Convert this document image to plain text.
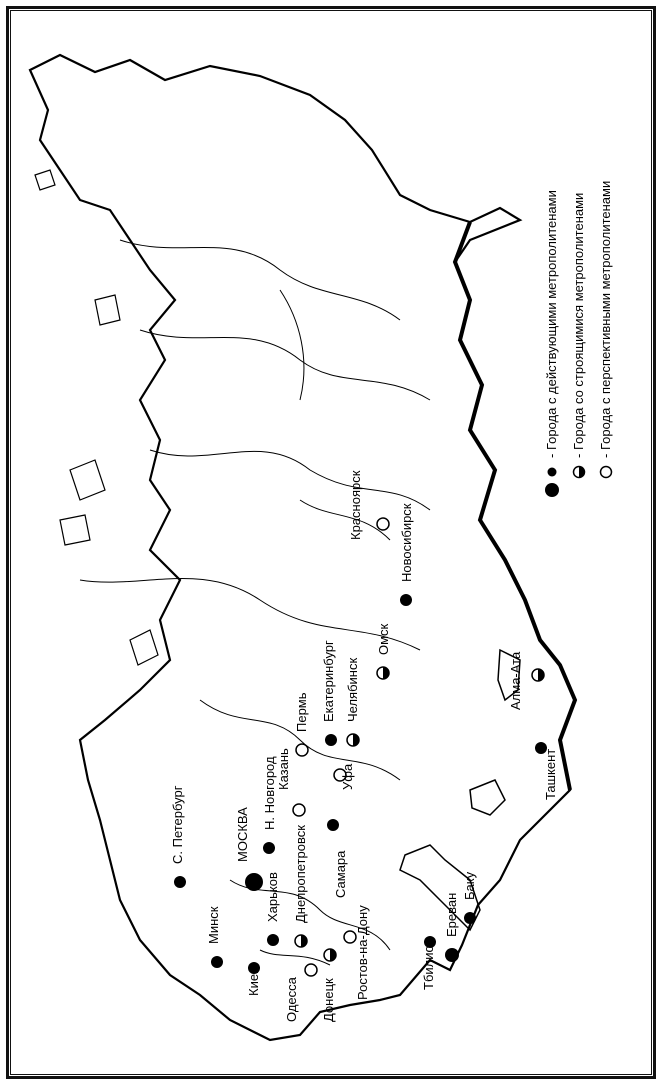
- Города с действующими метрополитенами - Города со строящимися метрополитенами - Города с перспективными метрополитенами
МОСКВА
С. Петербург
Минск
Киев
Харьков
Н. Новгород
Самара
Екатеринбург
Новосибирск
Ташкент
Тбилиси
Ереван
Баку
Днепропетровск
Челябинск
Омск
Алма-Ата
Донецк
Одесса	Ростов-на-Дону
Уфа
Казань
Пермь
Красноярск
